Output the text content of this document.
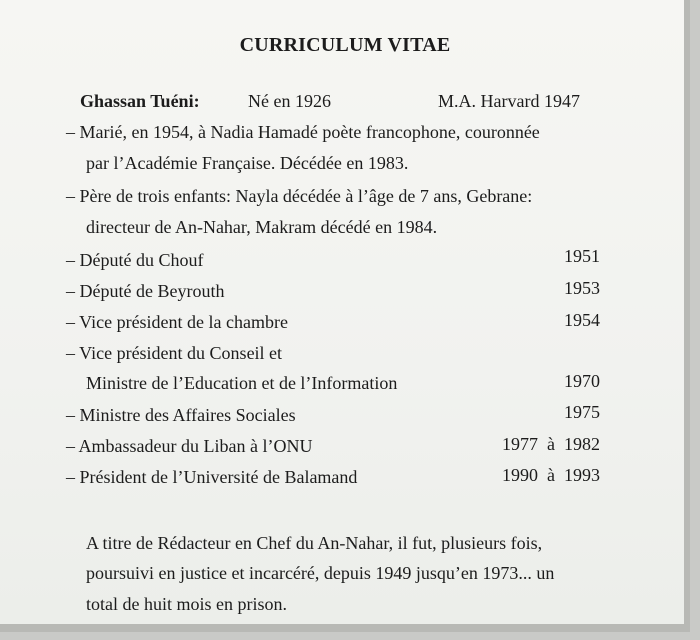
CURRICULUM VITAE
Ghassan Tuéni:	Né en 1926	M.A. Harvard 1947
– Marié, en 1954, à Nadia Hamadé poète francophone, couronnée
par l’Académie Française. Décédée en 1983.
– Père de trois enfants: Nayla décédée à l’âge de 7 ans, Gebrane:
directeur de An-Nahar, Makram décédé en 1984.
– Député du Chouf	1951
– Député de Beyrouth	1953
– Vice président de la chambre	1954
– Vice président du Conseil et
Ministre de l’Education et de l’Information	1970
– Ministre des Affaires Sociales	1975
– Ambassadeur du Liban à l’ONU	1977  à  1982
– Président de l’Université de Balamand	1990  à  1993
A titre de Rédacteur en Chef du An-Nahar, il fut, plusieurs fois,
poursuivi en justice et incarcéré, depuis 1949 jusqu’en 1973... un
total de huit mois en prison.
